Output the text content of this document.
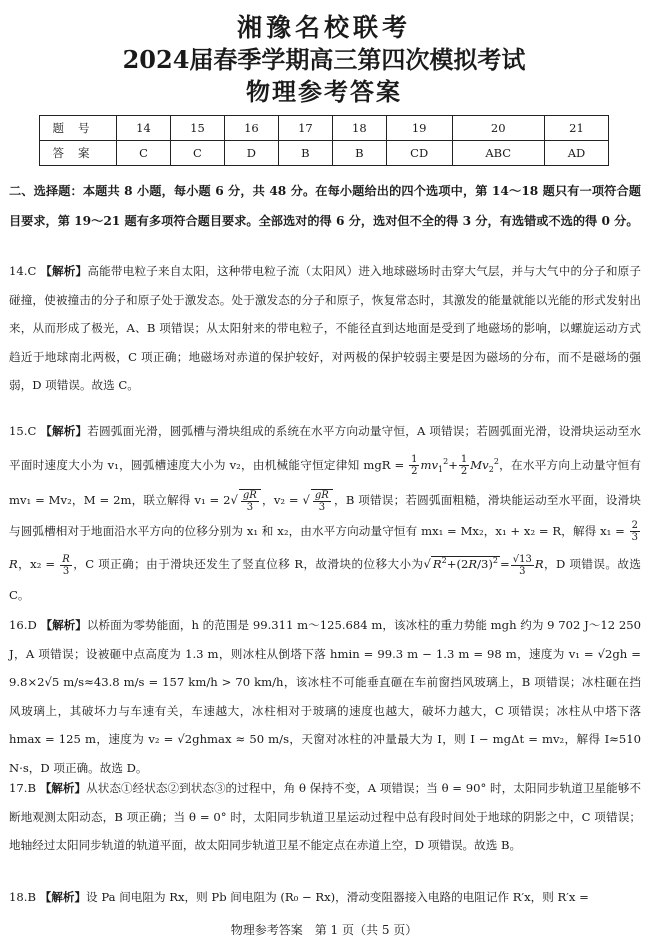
湘豫名校联考
2024届春季学期高三第四次模拟考试
物理参考答案
题号	14	15	16	17	18	19	20	21
答案	C	C	D	B	B	CD	ABC	AD

二、选择题：本题共 8 小题，每小题 6 分，共 48 分。在每小题给出的四个选项中，第 14～18 题只有一项符合题目要求，第 19～21 题有多项符合题目要求。全部选对的得 6 分，选对但不全的得 3 分，有选错或不选的得 0 分。

14.C 【解析】高能带电粒子来自太阳，这种带电粒子流（太阳风）进入地球磁场时击穿大气层，并与大气中的分子和原子碰撞，使被撞击的分子和原子处于激发态。处于激发态的分子和原子，恢复常态时，其激发的能量就能以光能的形式发射出来，从而形成了极光，A、B 项错误；从太阳射来的带电粒子，不能径直到达地面是受到了地磁场的影响，以螺旋运动方式趋近于地球南北两极，C 项正确；地磁场对赤道的保护较好，对两极的保护较弱主要是因为磁场的分布，而不是磁场的强弱，D 项错误。故选 C。

15.C 【解析】若圆弧面光滑，圆弧槽与滑块组成的系统在水平方向动量守恒，A 项错误；若圆弧面光滑，设滑块运动至水平面时速度大小为 v₁，圆弧槽速度大小为 v₂，由机械能守恒定律知 mgR = $\frac{1}{2} mv_1^2+ \frac{1}{2} Mv_2^2$，在水平方向上动量守恒有 mv₁ = Mv₂，M = 2m，联立解得 $v_1 = 2√ \frac{gR}{3}$ ，v₂ = √ $\frac{gR}{3}$ ，B 项错误；若圆弧面粗糙，滑块能运动至水平面，设滑块与圆弧槽相对于地面沿水平方向的位移分别为 x₁ 和 x₂，由水平方向动量守恒有 mx₁ = Mx₂，x₁ + x₂ = R，解得 $x_1 = \frac{2}{3}$
R，$x_2 = \frac{R}{3}$ ，C 项正确；由于滑块还发生了竖直位移 R，故滑块的位移大小为√ $R^2+(2R/3)^2 = \frac{√13}{3}$ R，D 项错误。故选 C。

16.D 【解析】以桥面为零势能面，h 的范围是 99.311 m～125.684 m，该冰柱的重力势能 mgh 约为 9 702 J～12 250 J，A 项错误；设被砸中点高度为 1.3 m，则冰柱从倒塔下落 hmin = 99.3 m − 1.3 m = 98 m，速度为 v₁ = √2gh = 9.8×2√5 m/s≈43.8 m/s = 157 km/h > 70 km/h，该冰柱不可能垂直砸在车前窗挡风玻璃上，B 项错误；冰柱砸在挡风玻璃上，其破坏力与车速有关，车速越大，冰柱相对于玻璃的速度也越大，破坏力越大，C 项错误；冰柱从中塔下落 hmax = 125 m，速度为 v₂ = √2ghmax ≈ 50 m/s，天窗对冰柱的冲量最大为 I，则 I − mgΔt = mv₂，解得 I≈510 N·s，D 项正确。故选 D。

17.B 【解析】从状态①经状态②到状态③的过程中，角 θ 保持不变，A 项错误；当 θ = 90° 时，太阳同步轨道卫星能够不断地观测太阳动态，B 项正确；当 θ = 0° 时，太阳同步轨道卫星运动过程中总有段时间处于地球的阴影之中，C 项错误；地轴经过太阳同步轨道的轨道平面，故太阳同步轨道卫星不能定点在赤道上空，D 项错误。故选 B。

18.B 【解析】设 Pa 间电阻为 Rx，则 Pb 间电阻为 (R₀ − Rx)，滑动变阻器接入电路的电阻记作 R′x，则 R′x =

物理参考答案　第 1 页（共 5 页）
